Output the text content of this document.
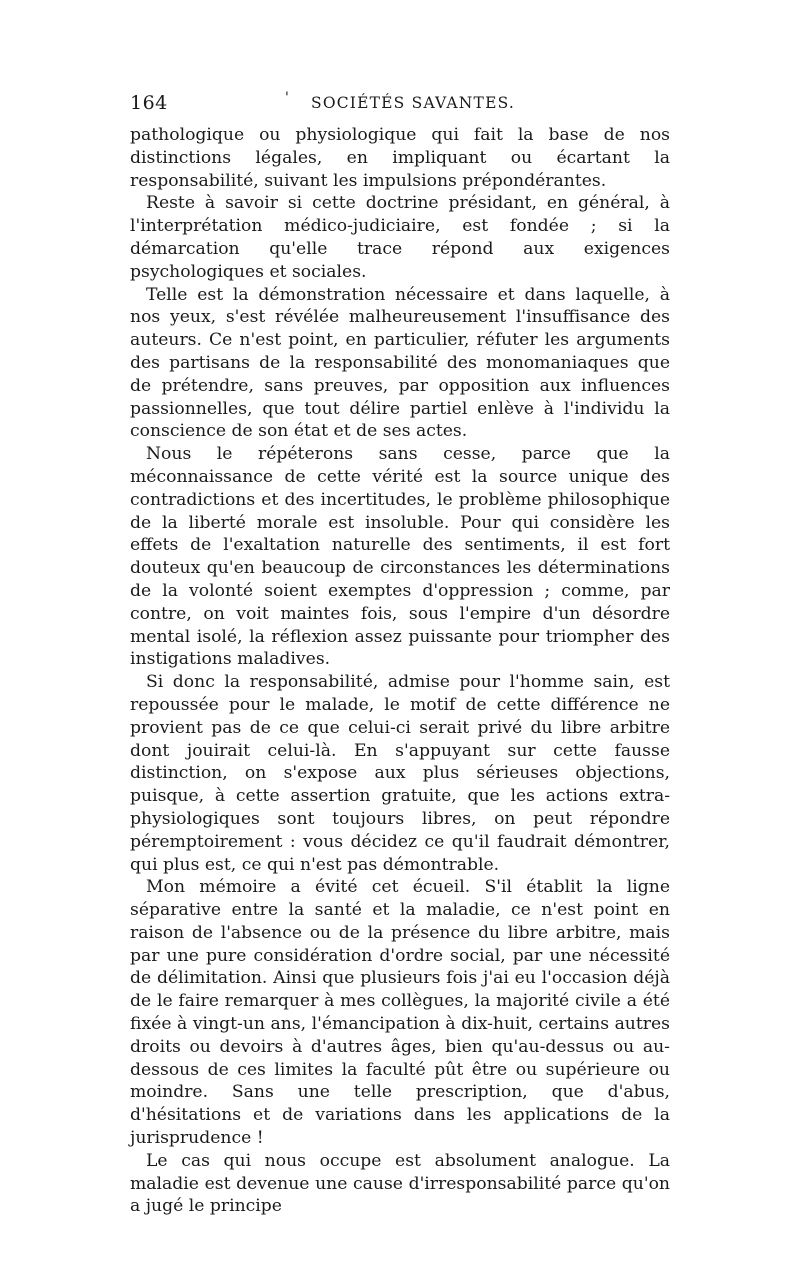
164	' SOCIÉTÉS SAVANTES.

pathologique ou physiologique qui fait la base de nos distinctions légales, en impliquant ou écartant la responsabilité, suivant les impulsions prépondérantes.

Reste à savoir si cette doctrine présidant, en général, à l'interprétation médico-judiciaire, est fondée ; si la démarcation qu'elle trace répond aux exigences psychologiques et sociales.

Telle est la démonstration nécessaire et dans laquelle, à nos yeux, s'est révélée malheureusement l'insuffisance des auteurs. Ce n'est point, en particulier, réfuter les arguments des partisans de la responsabilité des monomaniaques que de prétendre, sans preuves, par opposition aux influences passionnelles, que tout délire partiel enlève à l'individu la conscience de son état et de ses actes.

Nous le répéterons sans cesse, parce que la méconnaissance de cette vérité est la source unique des contradictions et des incertitudes, le problème philosophique de la liberté morale est insoluble. Pour qui considère les effets de l'exaltation naturelle des sentiments, il est fort douteux qu'en beaucoup de circonstances les déterminations de la volonté soient exemptes d'oppression ; comme, par contre, on voit maintes fois, sous l'empire d'un désordre mental isolé, la réflexion assez puissante pour triompher des instigations maladives.

Si donc la responsabilité, admise pour l'homme sain, est repoussée pour le malade, le motif de cette différence ne provient pas de ce que celui-ci serait privé du libre arbitre dont jouirait celui-là. En s'appuyant sur cette fausse distinction, on s'expose aux plus sérieuses objections, puisque, à cette assertion gratuite, que les actions extra-physiologiques sont toujours libres, on peut répondre péremptoirement : vous décidez ce qu'il faudrait démontrer, qui plus est, ce qui n'est pas démontrable.

Mon mémoire a évité cet écueil. S'il établit la ligne séparative entre la santé et la maladie, ce n'est point en raison de l'absence ou de la présence du libre arbitre, mais par une pure considération d'ordre social, par une nécessité de délimitation. Ainsi que plusieurs fois j'ai eu l'occasion déjà de le faire remarquer à mes collègues, la majorité civile a été fixée à vingt-un ans, l'émancipation à dix-huit, certains autres droits ou devoirs à d'autres âges, bien qu'au-dessus ou au-dessous de ces limites la faculté pût être ou supérieure ou moindre. Sans une telle prescription, que d'abus, d'hésitations et de variations dans les applications de la jurisprudence !

Le cas qui nous occupe est absolument analogue. La maladie est devenue une cause d'irresponsabilité parce qu'on a jugé le principe
